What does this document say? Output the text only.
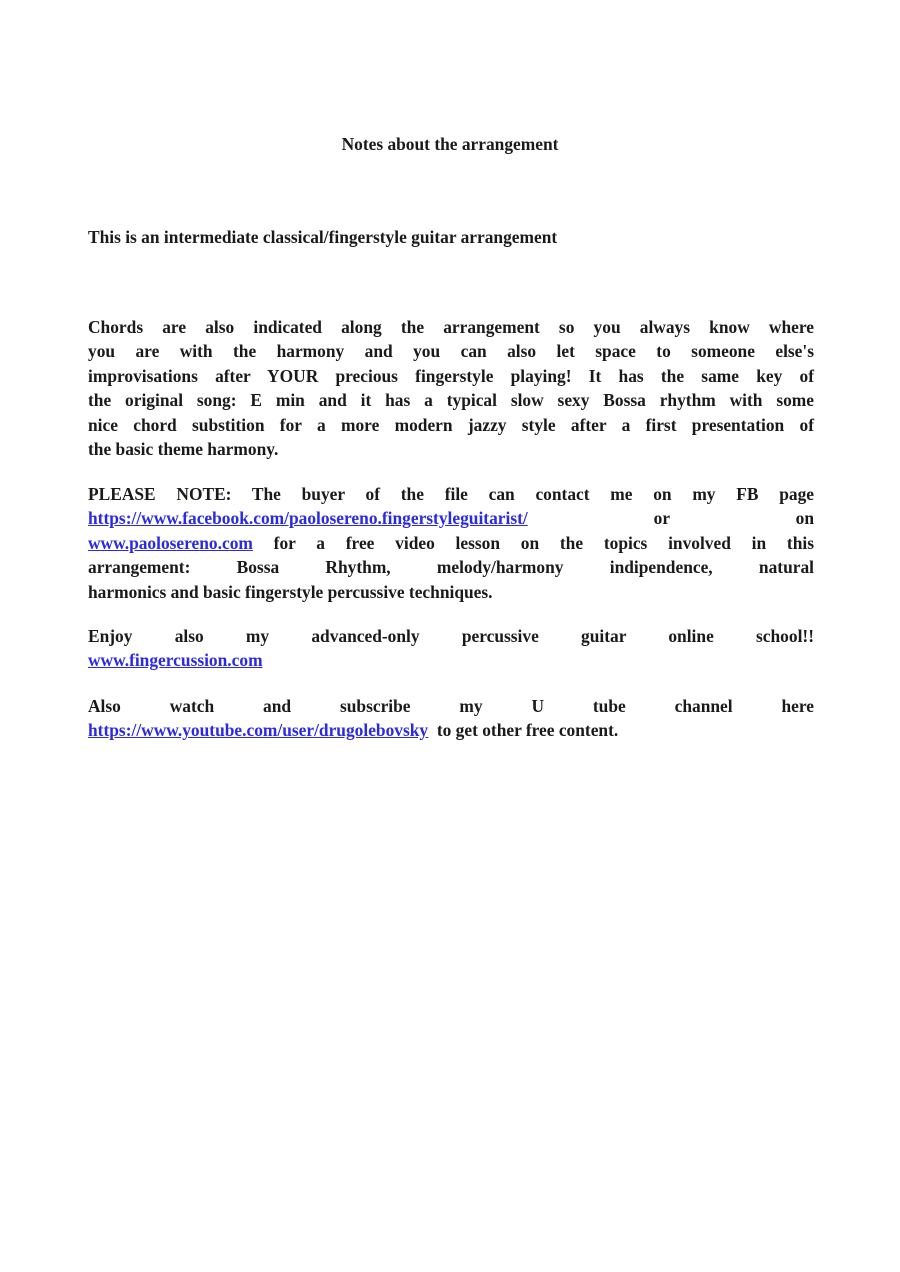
Notes about the arrangement

This is an intermediate classical/fingerstyle guitar arrangement

Chords are also indicated along the arrangement so you always know where
you are with the harmony and you can also let space to someone else's
improvisations after YOUR precious fingerstyle playing! It has the same key of
the original song: E min and it has a typical slow sexy Bossa rhythm with some
nice chord substition for a more modern jazzy style after a first presentation of
the basic theme harmony.
PLEASE NOTE: The buyer of the file can contact me on my FB page
https://www.facebook.com/paolosereno.fingerstyleguitarist/	or	on
www.paolosereno.com for a free video lesson on the topics involved in this
arrangement: Bossa Rhythm, melody/harmony indipendence, natural
harmonics and basic fingerstyle percussive techniques.
Enjoy also my advanced-only percussive guitar online school!!
www.fingercussion.com
Also watch and subscribe my U tube channel here
https://www.youtube.com/user/drugolebovsky to get other free content.
